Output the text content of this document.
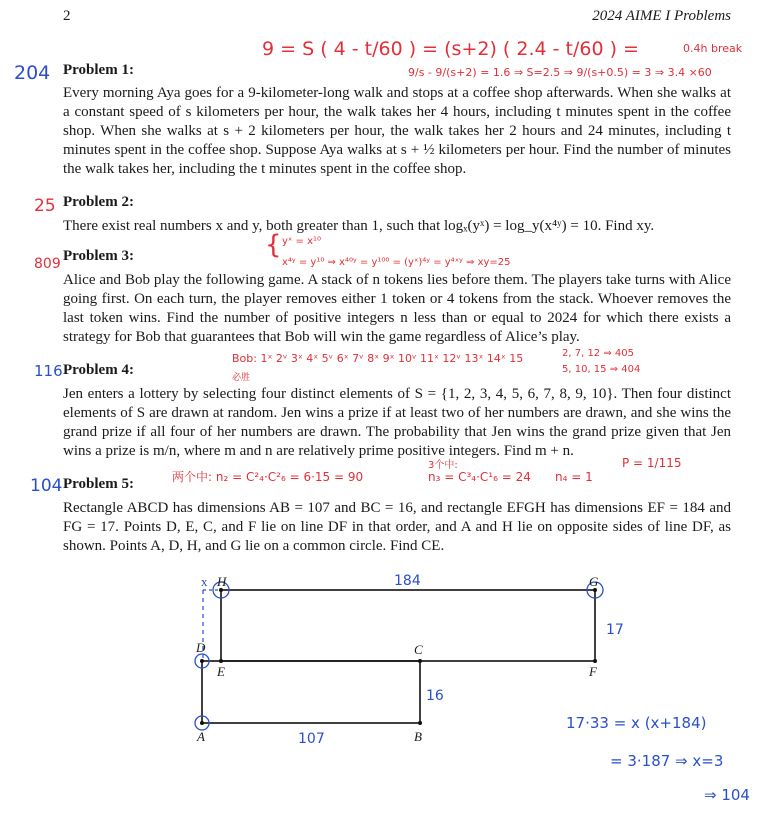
2	2024 AIME I Problems
9 = S ( 4 - t/60 ) = (s+2) ( 2.4 - t/60 ) =	0.4h break
9/s - 9/(s+2) = 1.6 ⇒ S=2.5 ⇒ 9/(s+0.5) = 3 ⇒ 3.4 ×60
204 Problem 1:
Every morning Aya goes for a 9-kilometer-long walk and stops at a coffee shop afterwards. When she walks at a constant speed of s kilometers per hour, the walk takes her 4 hours, including t minutes spent in the coffee shop. When she walks at s + 2 kilometers per hour, the walk takes her 2 hours and 24 minutes, including t minutes spent in the coffee shop. Suppose Aya walks at s + ½ kilometers per hour. Find the number of minutes the walk takes her, including the t minutes spent in the coffee shop.
25 Problem 2:
There exist real numbers x and y, both greater than 1, such that logₓ(yˣ) = log_y(x⁴ʸ) = 10. Find xy.
{ yˣ = x¹⁰
x⁴ʸ = y¹⁰ ⇒ x⁴⁰ʸ = y¹⁰⁰ = (yˣ)⁴ʸ = y⁴ˣʸ ⇒ xy=25
809 Problem 3:
Alice and Bob play the following game. A stack of n tokens lies before them. The players take turns with Alice going first. On each turn, the player removes either 1 token or 4 tokens from the stack. Whoever removes the last token wins. Find the number of positive integers n less than or equal to 2024 for which there exists a strategy for Bob that guarantees that Bob will win the game regardless of Alice’s play.
Bob: 1ˣ 2ᵛ 3ˣ 4ˣ 5ᵛ 6ˣ 7ᵛ 8ˣ 9ˣ 10ᵛ 11ˣ 12ᵛ 13ˣ 14ˣ 15
必胜
2, 7, 12 ⇒ 405
5, 10, 15 ⇒ 404
116 Problem 4:
Jen enters a lottery by selecting four distinct elements of S = {1, 2, 3, 4, 5, 6, 7, 8, 9, 10}. Then four distinct elements of S are drawn at random. Jen wins a prize if at least two of her numbers are drawn, and she wins the grand prize if all four of her numbers are drawn. The probability that Jen wins the grand prize given that Jen wins a prize is m/n, where m and n are relatively prime positive integers. Find m + n.
两个中: n₂ = C²₄·C²₆ = 6·15 = 90
3个中:
n₃ = C³₄·C¹₆ = 24 n₄ = 1
P = 1/115
104 Problem 5:
Rectangle ABCD has dimensions AB = 107 and BC = 16, and rectangle EFGH has dimensions EF = 184 and FG = 17. Points D, E, C, and F lie on line DF in that order, and A and H lie on opposite sides of line DF, as shown. Points A, D, H, and G lie on a common circle. Find CE.
H
x	G
D
E
C
F
A	B
184
17
16
107
17·33 = x (x+184)
= 3·187 ⇒ x=3
⇒ 104
